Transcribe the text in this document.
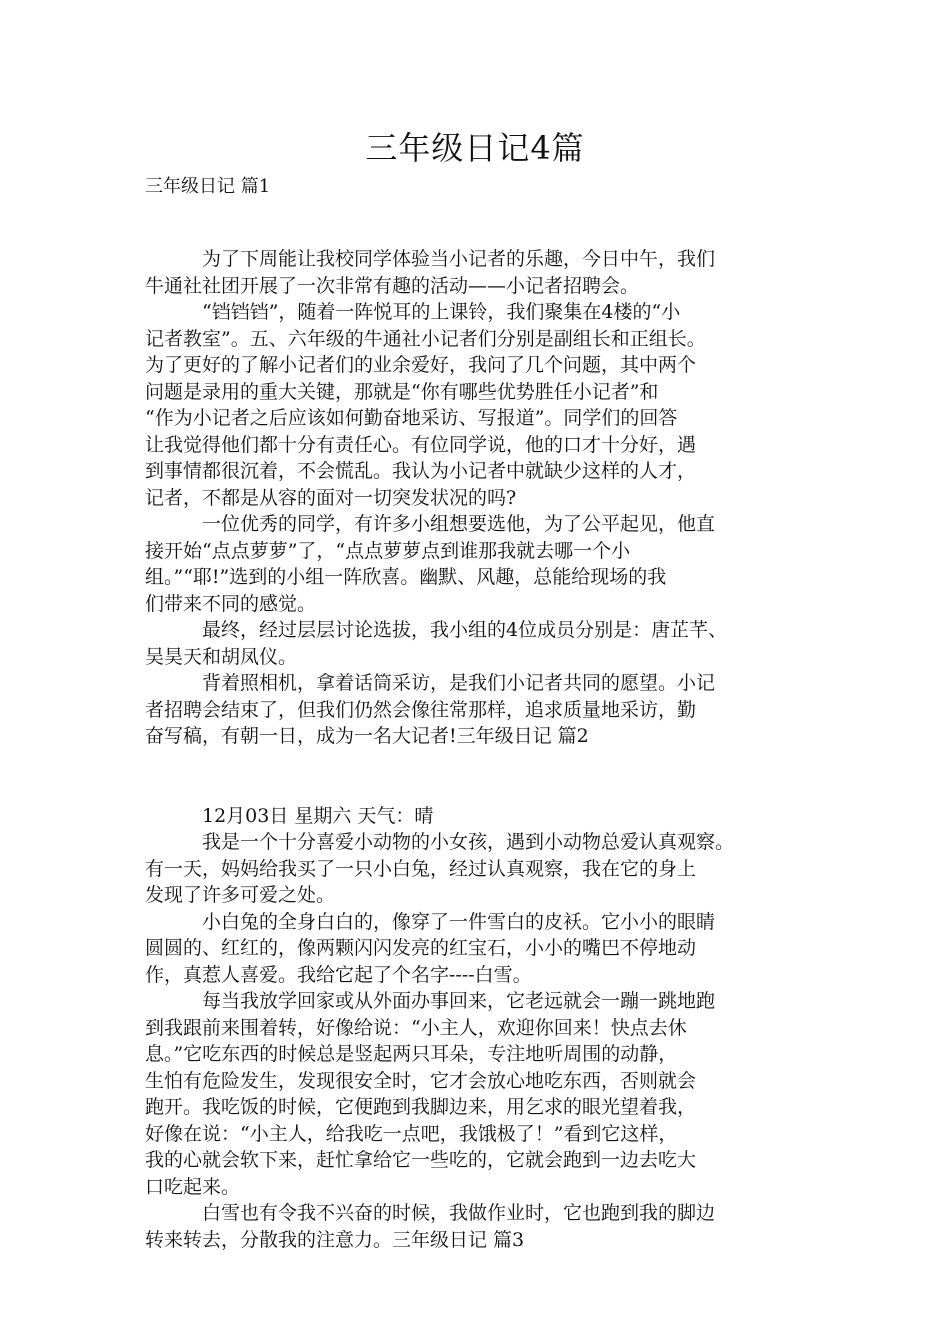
三年级日记4篇
三年级日记 篇1
为了下周能让我校同学体验当小记者的乐趣，今日中午，我们
牛通社社团开展了一次非常有趣的活动——小记者招聘会。
“铛铛铛”，随着一阵悦耳的上课铃，我们聚集在4楼的“小
记者教室”。五、六年级的牛通社小记者们分别是副组长和正组长。
为了更好的了解小记者们的业余爱好，我问了几个问题，其中两个
问题是录用的重大关键，那就是“你有哪些优势胜任小记者”和
“作为小记者之后应该如何勤奋地采访、写报道”。同学们的回答
让我觉得他们都十分有责任心。有位同学说，他的口才十分好，遇
到事情都很沉着，不会慌乱。我认为小记者中就缺少这样的人才，
记者，不都是从容的面对一切突发状况的吗?
一位优秀的同学，有许多小组想要选他，为了公平起见，他直
接开始“点点萝萝”了，“点点萝萝点到谁那我就去哪一个小
组。”“耶!”选到的小组一阵欣喜。幽默、风趣，总能给现场的我
们带来不同的感觉。
最终，经过层层讨论选拔，我小组的4位成员分别是：唐芷芊、
吴昊天和胡凤仪。
背着照相机，拿着话筒采访，是我们小记者共同的愿望。小记
者招聘会结束了，但我们仍然会像往常那样，追求质量地采访，勤
奋写稿，有朝一日，成为一名大记者!三年级日记 篇2
12月03日 星期六 天气：晴
我是一个十分喜爱小动物的小女孩，遇到小动物总爱认真观察。
有一天，妈妈给我买了一只小白兔，经过认真观察，我在它的身上
发现了许多可爱之处。
小白兔的全身白白的，像穿了一件雪白的皮袄。它小小的眼睛
圆圆的、红红的，像两颗闪闪发亮的红宝石，小小的嘴巴不停地动
作，真惹人喜爱。我给它起了个名字----白雪。
每当我放学回家或从外面办事回来，它老远就会一蹦一跳地跑
到我跟前来围着转，好像给说：“小主人，欢迎你回来！快点去休
息。”它吃东西的时候总是竖起两只耳朵，专注地听周围的动静，
生怕有危险发生，发现很安全时，它才会放心地吃东西，否则就会
跑开。我吃饭的时候，它便跑到我脚边来，用乞求的眼光望着我，
好像在说：“小主人，给我吃一点吧，我饿极了！”看到它这样，
我的心就会软下来，赶忙拿给它一些吃的，它就会跑到一边去吃大
口吃起来。
白雪也有令我不兴奋的时候，我做作业时，它也跑到我的脚边
转来转去，分散我的注意力。三年级日记 篇3
